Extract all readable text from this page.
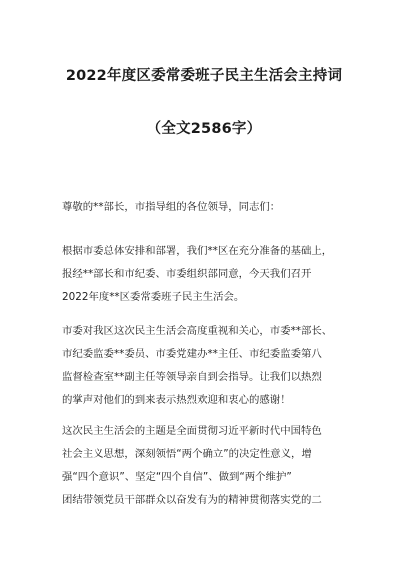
2022年度区委常委班子民主生活会主持词
（全文2586字）
尊敬的**部长，市指导组的各位领导，同志们：
根据市委总体安排和部署，我们**区在充分准备的基础上，
报经**部长和市纪委、市委组织部同意，今天我们召开
2022年度**区委常委班子民主生活会。
市委对我区这次民主生活会高度重视和关心，市委**部长、
市纪委监委**委员、市委党建办**主任、市纪委监委第八
监督检查室**副主任等领导亲自到会指导。让我们以热烈
的掌声对他们的到来表示热烈欢迎和衷心的感谢！
这次民主生活会的主题是全面贯彻习近平新时代中国特色
社会主义思想，深刻领悟“两个确立”的决定性意义，增
强“四个意识”、坚定“四个自信”、做到“两个维护”
团结带领党员干部群众以奋发有为的精神贯彻落实党的二
